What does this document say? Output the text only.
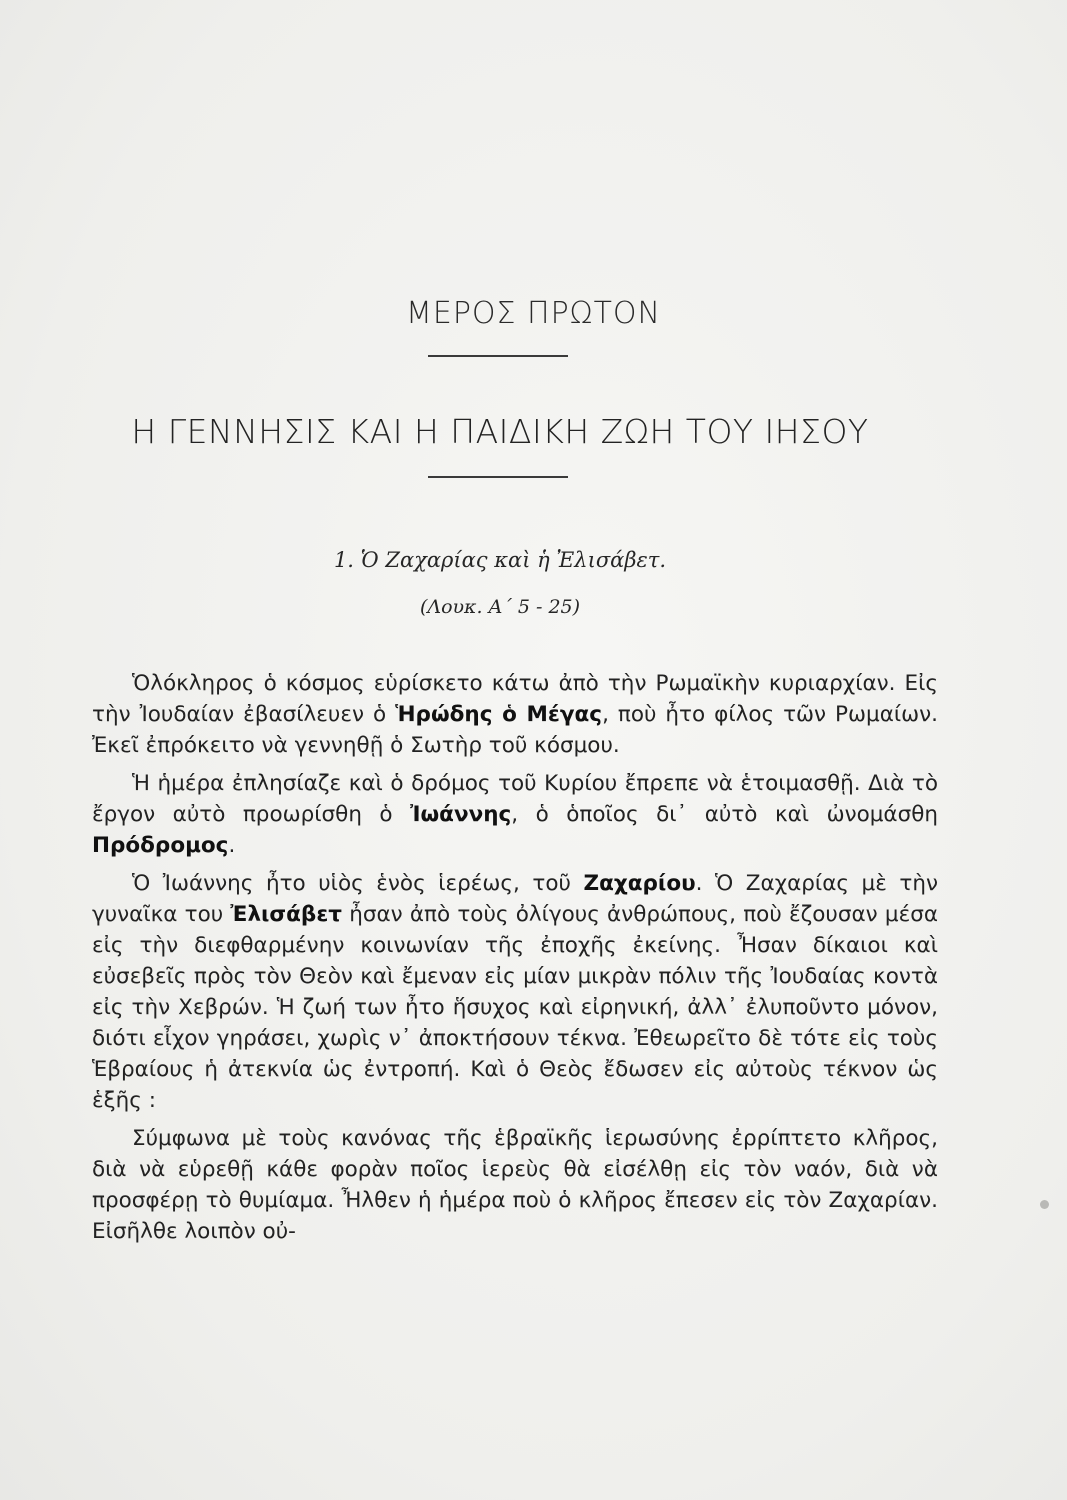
ΜΕΡΟΣ ΠΡΩΤΟΝ
Η ΓΕΝΝΗΣΙΣ ΚΑΙ Η ΠΑΙΔΙΚΗ ΖΩΗ ΤΟΥ ΙΗΣΟΥ
1. Ὁ Ζαχαρίας καὶ ἡ Ἐλισάβετ.
(Λουκ. Α΄ 5 - 25)

Ὁλόκληρος ὁ κόσμος εὑρίσκετο κάτω ἀπὸ τὴν Ρωμαϊκὴν κυριαρχίαν. Εἰς τὴν Ἰουδαίαν ἐβασίλευεν ὁ Ἡρώδης ὁ Μέγας, ποὺ ἦτο φίλος τῶν Ρωμαίων. Ἐκεῖ ἐπρόκειτο νὰ γεννηθῇ ὁ Σωτὴρ τοῦ κόσμου.

Ἡ ἡμέρα ἐπλησίαζε καὶ ὁ δρόμος τοῦ Κυρίου ἔπρεπε νὰ ἑτοιμασθῇ. Διὰ τὸ ἔργον αὐτὸ προωρίσθη ὁ Ἰωάννης, ὁ ὁποῖος δι᾿ αὐτὸ καὶ ὠνομάσθη Πρόδρομος.

Ὁ Ἰωάννης ἦτο υἱὸς ἑνὸς ἱερέως, τοῦ Ζαχαρίου. Ὁ Ζαχαρίας μὲ τὴν γυναῖκα του Ἐλισάβετ ἦσαν ἀπὸ τοὺς ὀλίγους ἀνθρώπους, ποὺ ἔζουσαν μέσα εἰς τὴν διεφθαρμένην κοινωνίαν τῆς ἐποχῆς ἐκείνης. Ἦσαν δίκαιοι καὶ εὐσεβεῖς πρὸς τὸν Θεὸν καὶ ἔμεναν εἰς μίαν μικρὰν πόλιν τῆς Ἰουδαίας κοντὰ εἰς τὴν Χεβρών. Ἡ ζωή των ἦτο ἥσυχος καὶ εἰρηνική, ἀλλ᾿ ἐλυποῦντο μόνον, διότι εἶχον γηράσει, χωρὶς ν᾿ ἀποκτήσουν τέκνα. Ἐθεωρεῖτο δὲ τότε εἰς τοὺς Ἑβραίους ἡ ἀτεκνία ὡς ἐντροπή. Καὶ ὁ Θεὸς ἔδωσεν εἰς αὐτοὺς τέκνον ὡς ἑξῆς :

Σύμφωνα μὲ τοὺς κανόνας τῆς ἑβραϊκῆς ἱερωσύνης ἐρρίπτετο κλῆρος, διὰ νὰ εὑρεθῇ κάθε φορὰν ποῖος ἱερεὺς θὰ εἰσέλθῃ εἰς τὸν ναόν, διὰ νὰ προσφέρῃ τὸ θυμίαμα. Ἦλθεν ἡ ἡμέρα ποὺ ὁ κλῆρος ἔπεσεν εἰς τὸν Ζαχαρίαν. Εἰσῆλθε λοιπὸν οὐ-
